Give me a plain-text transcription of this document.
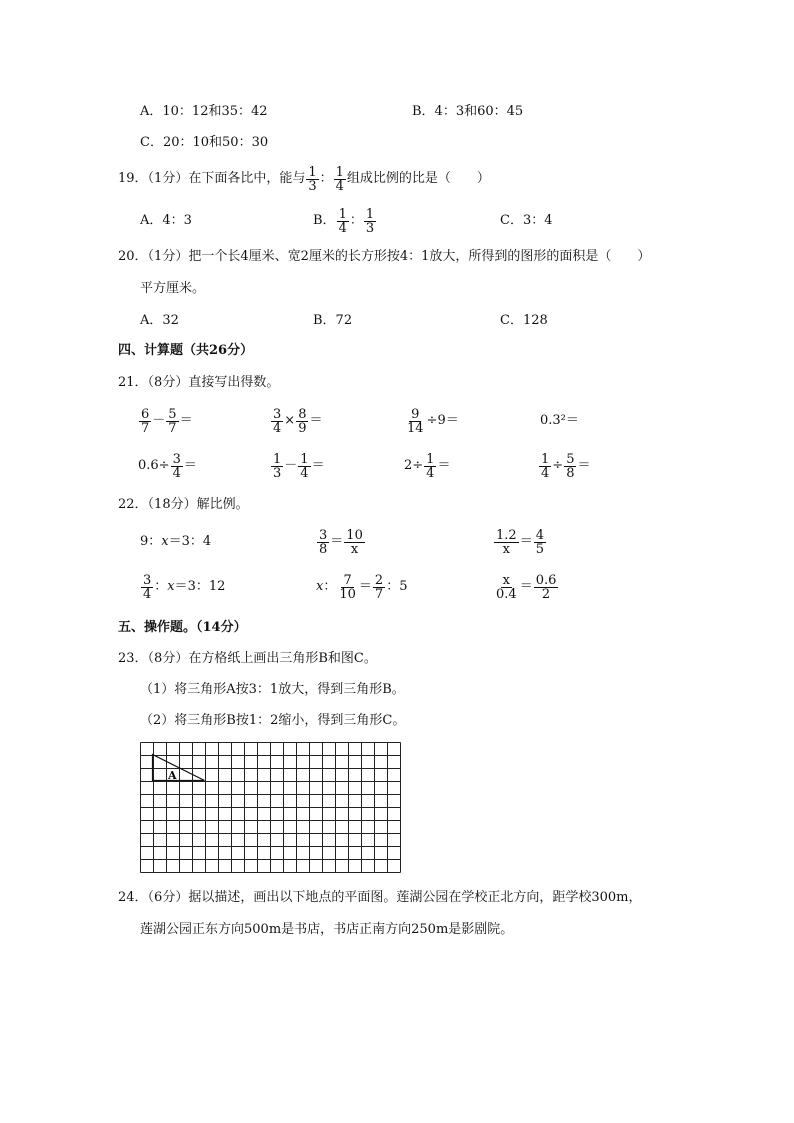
A．10：12和35：42	B．4：3和60：45
C．20：10和50：30
19．（1分）在下面各比中，能与 $\frac{1}{3}$ ： $\frac{1}{4}$ 组成比例的比是（　　）
A．4：3	B． $\frac{1}{4}$ ： $\frac{1}{3}$	C．3：4
20．（1分）把一个长4厘米、宽2厘米的长方形按4：1放大，所得到的图形的面积是（　　）
平方厘米。
A．32	B．72	C．128
四、计算题（共26分）
21．（8分）直接写出得数。
$\frac{6}{7} - \frac{5}{7}$ ＝	$\frac{3}{4} \times \frac{8}{9}$ ＝	$\frac{9}{14} \div 9=$	0.3²＝
$0.6\div \frac{3}{4}$ ＝	$\frac{1}{3} - \frac{1}{4}$ ＝	$2\div \frac{1}{4}$ ＝	$\frac{1}{4} \div \frac{5}{8}$ ＝
22．（18分）解比例。
9： x ＝3：4	$\frac{3}{8} = \frac{10}{x}$	$\frac{1.2}{x} = \frac{4}{5}$
$\frac{3}{4}$ ： x ＝3：12	x ： $\frac{7}{10} = \frac{2}{7}$ ：5	$\frac{x}{0.4} = \frac{0.6}{2}$
五、操作题。（14分）
23．（8分）在方格纸上画出三角形B和图C。
（1）将三角形A按3：1放大，得到三角形B。
（2）将三角形B按1：2缩小，得到三角形C。
A
24．（6分）据以描述，画出以下地点的平面图。莲湖公园在学校正北方向，距学校300m，
莲湖公园正东方向500m是书店，书店正南方向250m是影剧院。
